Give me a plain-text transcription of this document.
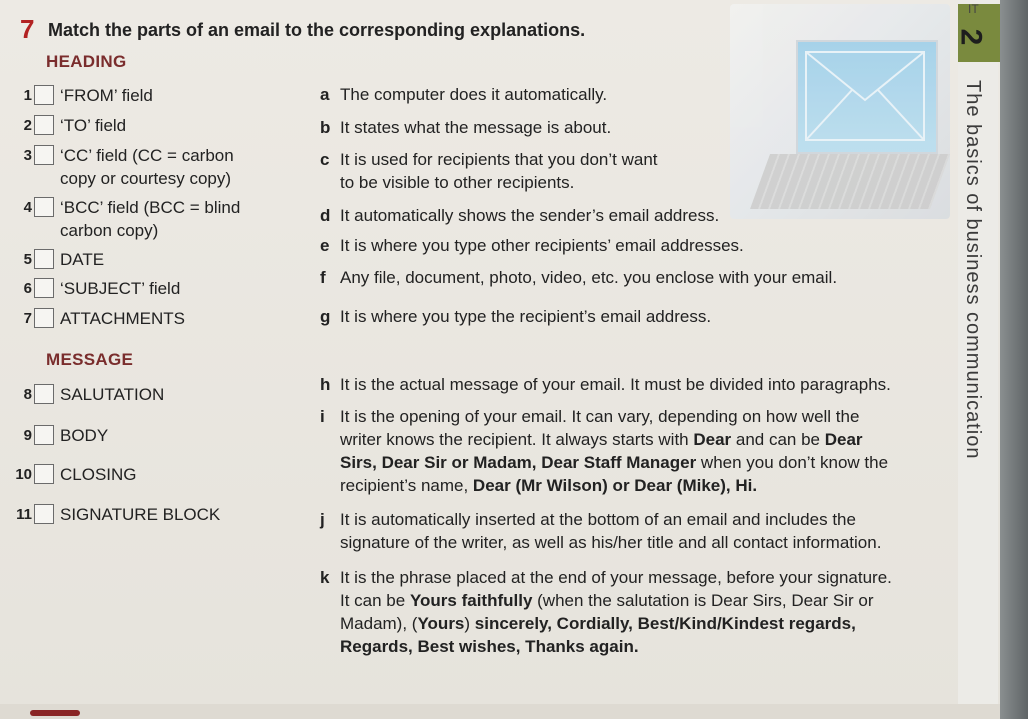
7 Match the parts of an email to the corresponding explanations.
HEADING
MESSAGE
1 ‘FROM’ field
2 ‘TO’ field
3 ‘CC’ field (CC = carbon
copy or courtesy copy)
4 ‘BCC’ field (BCC = blind
carbon copy)
5 DATE
6 ‘SUBJECT’ field
7 ATTACHMENTS
8 SALUTATION
9 BODY
10 CLOSING
11 SIGNATURE BLOCK
a The computer does it automatically.
b It states what the message is about.
c It is used for recipients that you don’t want
to be visible to other recipients.
d It automatically shows the sender’s email address.
e It is where you type other recipients’ email addresses.
f Any file, document, photo, video, etc. you enclose with your email.
g It is where you type the recipient’s email address.
h It is the actual message of your email. It must be divided into paragraphs.
i It is the opening of your email. It can vary, depending on how well the
writer knows the recipient. It always starts with Dear and can be Dear
Sirs, Dear Sir or Madam, Dear Staff Manager when you don’t know the
recipient’s name, Dear (Mr Wilson) or Dear (Mike), Hi.
j It is automatically inserted at the bottom of an email and includes the
signature of the writer, as well as his/her title and all contact information.
k It is the phrase placed at the end of your message, before your signature.
It can be Yours faithfully (when the salutation is Dear Sirs, Dear Sir or
Madam), (Yours) sincerely, Cordially, Best/Kind/Kindest regards,
Regards, Best wishes, Thanks again.
IT
2
The basics of business communication
